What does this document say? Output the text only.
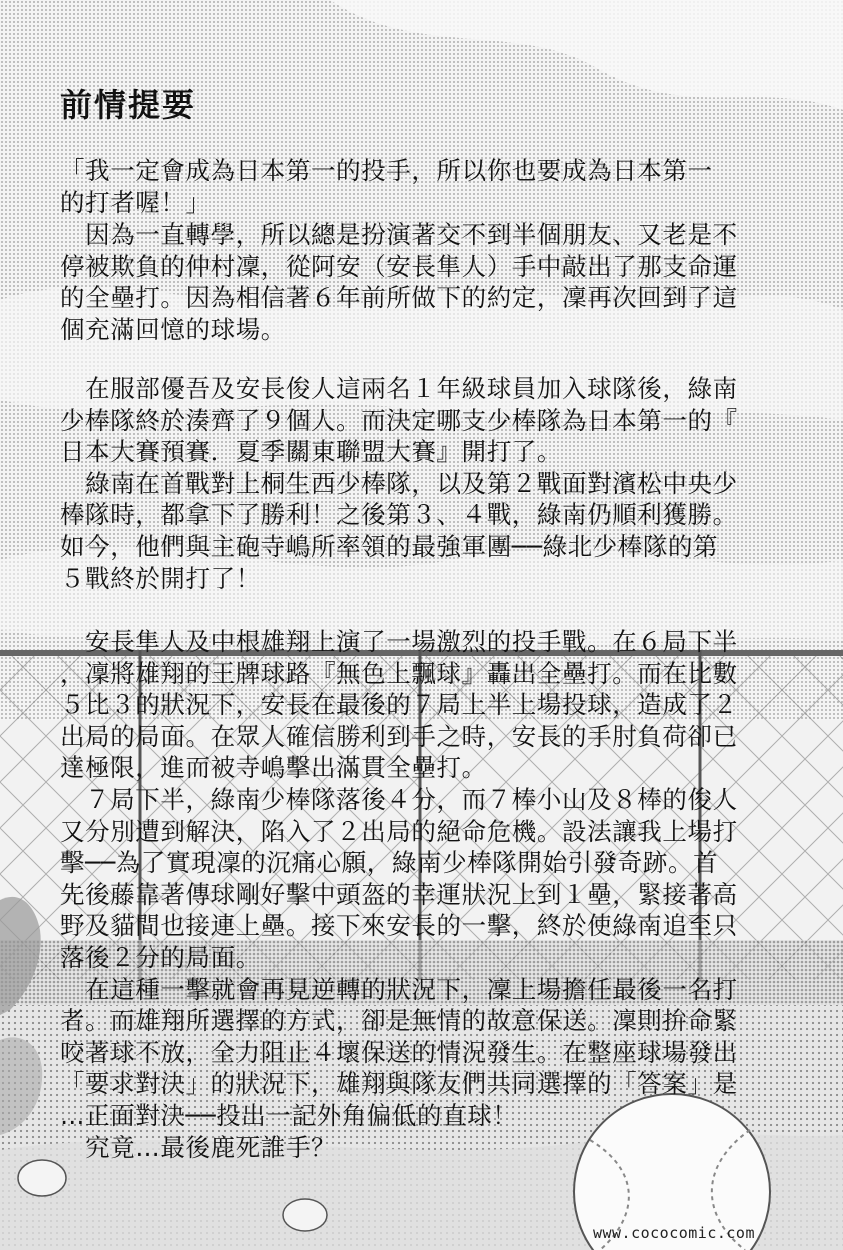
前情提要

「我一定會成為日本第一的投手，所以你也要成為日本第一
的打者喔！」

　因為一直轉學，所以總是扮演著交不到半個朋友、又老是不
停被欺負的仲村凜，從阿安（安長隼人）手中敲出了那支命運
的全壘打。因為相信著６年前所做下的約定，凜再次回到了這
個充滿回憶的球場。

　在服部優吾及安長俊人這兩名１年級球員加入球隊後，綠南
少棒隊終於湊齊了９個人。而決定哪支少棒隊為日本第一的『
日本大賽預賽．夏季關東聯盟大賽』開打了。
　綠南在首戰對上桐生西少棒隊，以及第２戰面對濱松中央少
棒隊時，都拿下了勝利！之後第３、４戰，綠南仍順利獲勝。
如今，他們與主砲寺嶋所率領的最強軍團──綠北少棒隊的第
５戰終於開打了！

　安長隼人及中根雄翔上演了一場激烈的投手戰。在６局下半
，凜將雄翔的王牌球路『無色上飄球』轟出全壘打。而在比數
５比３的狀況下，安長在最後的７局上半上場投球，造成了２
出局的局面。在眾人確信勝利到手之時，安長的手肘負荷卻已
達極限，進而被寺嶋擊出滿貫全壘打。
　７局下半，綠南少棒隊落後４分，而７棒小山及８棒的俊人
又分別遭到解決，陷入了２出局的絕命危機。設法讓我上場打
擊──為了實現凜的沉痛心願，綠南少棒隊開始引發奇跡。首
先後藤靠著傳球剛好擊中頭盔的幸運狀況上到１壘，緊接著高
野及貓間也接連上壘。接下來安長的一擊，終於使綠南追至只
落後２分的局面。
　在這種一擊就會再見逆轉的狀況下，凜上場擔任最後一名打
者。而雄翔所選擇的方式，卻是無情的故意保送。凜則拚命緊
咬著球不放，全力阻止４壞保送的情況發生。在整座球場發出
「要求對決」的狀況下，雄翔與隊友們共同選擇的「答案」是
…正面對決──投出一記外角偏低的直球！
　究竟…最後鹿死誰手？

www.cococomic.com
